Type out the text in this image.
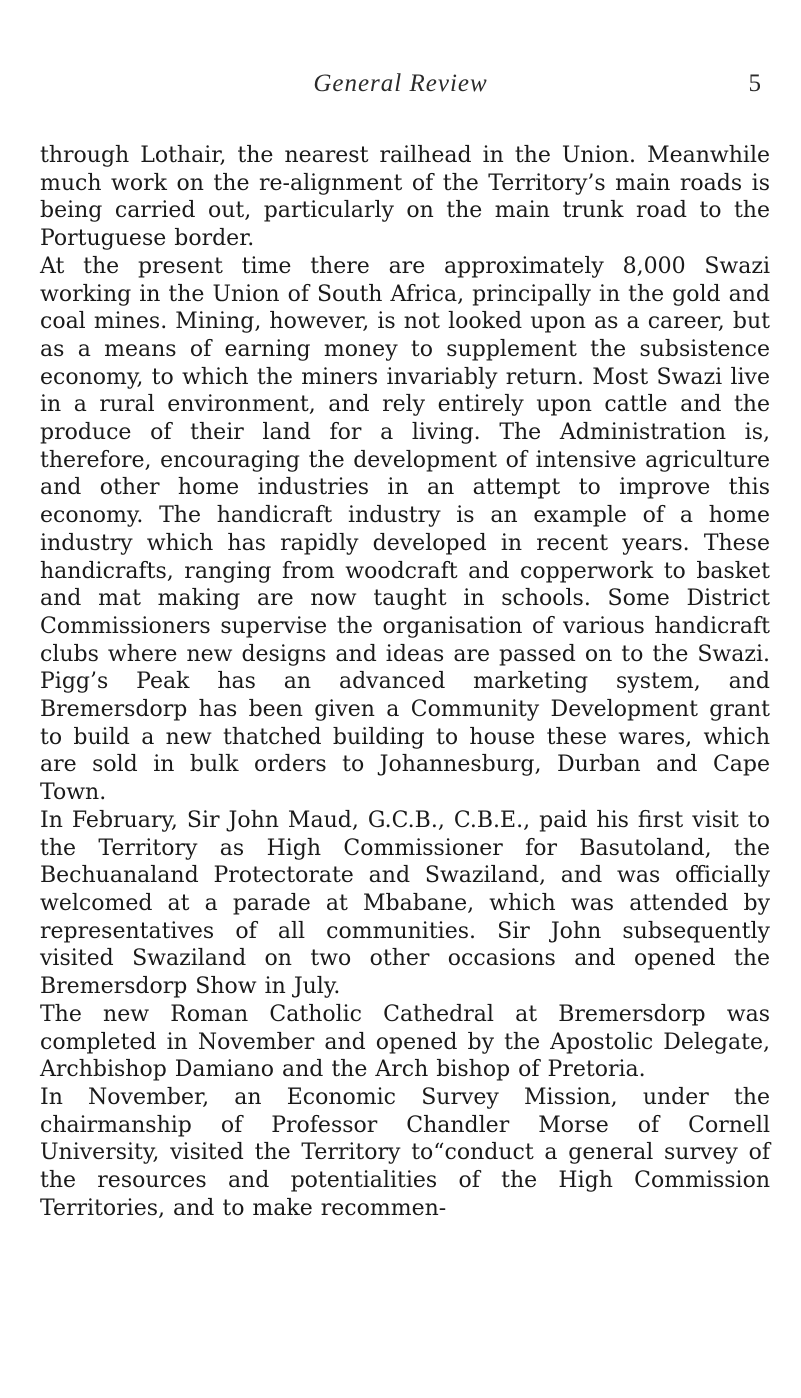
General Review	5

through Lothair, the nearest railhead in the Union. Meanwhile much work on the re-alignment of the Territory’s main roads is being carried out, particularly on the main trunk road to the Portuguese border.

At the present time there are approximately 8,000 Swazi working in the Union of South Africa, principally in the gold and coal mines. Mining, however, is not looked upon as a career, but as a means of earning money to supplement the subsistence economy, to which the miners invariably return. Most Swazi live in a rural environment, and rely entirely upon cattle and the produce of their land for a living. The Administration is, therefore, encouraging the development of intensive agriculture and other home industries in an attempt to improve this economy. The handicraft industry is an example of a home industry which has rapidly developed in recent years. These handicrafts, ranging from woodcraft and copperwork to basket and mat making are now taught in schools. Some District Commissioners supervise the organisation of various handicraft clubs where new designs and ideas are passed on to the Swazi. Pigg’s Peak has an advanced marketing system, and Bremersdorp has been given a Community Development grant to build a new thatched building to house these wares, which are sold in bulk orders to Johannesburg, Durban and Cape Town.

In February, Sir John Maud, G.C.B., C.B.E., paid his first visit to the Territory as High Commissioner for Basutoland, the Bechuanaland Protectorate and Swaziland, and was officially welcomed at a parade at Mbabane, which was attended by representatives of all communities. Sir John subsequently visited Swaziland on two other occasions and opened the Bremersdorp Show in July.

The new Roman Catholic Cathedral at Bremersdorp was completed in November and opened by the Apostolic Delegate, Archbishop Damiano and the Arch bishop of Pretoria.

In November, an Economic Survey Mission, under the chairmanship of Professor Chandler Morse of Cornell University, visited the Territory to“conduct a general survey of the resources and potentialities of the High Commission Territories, and to make recommen-
